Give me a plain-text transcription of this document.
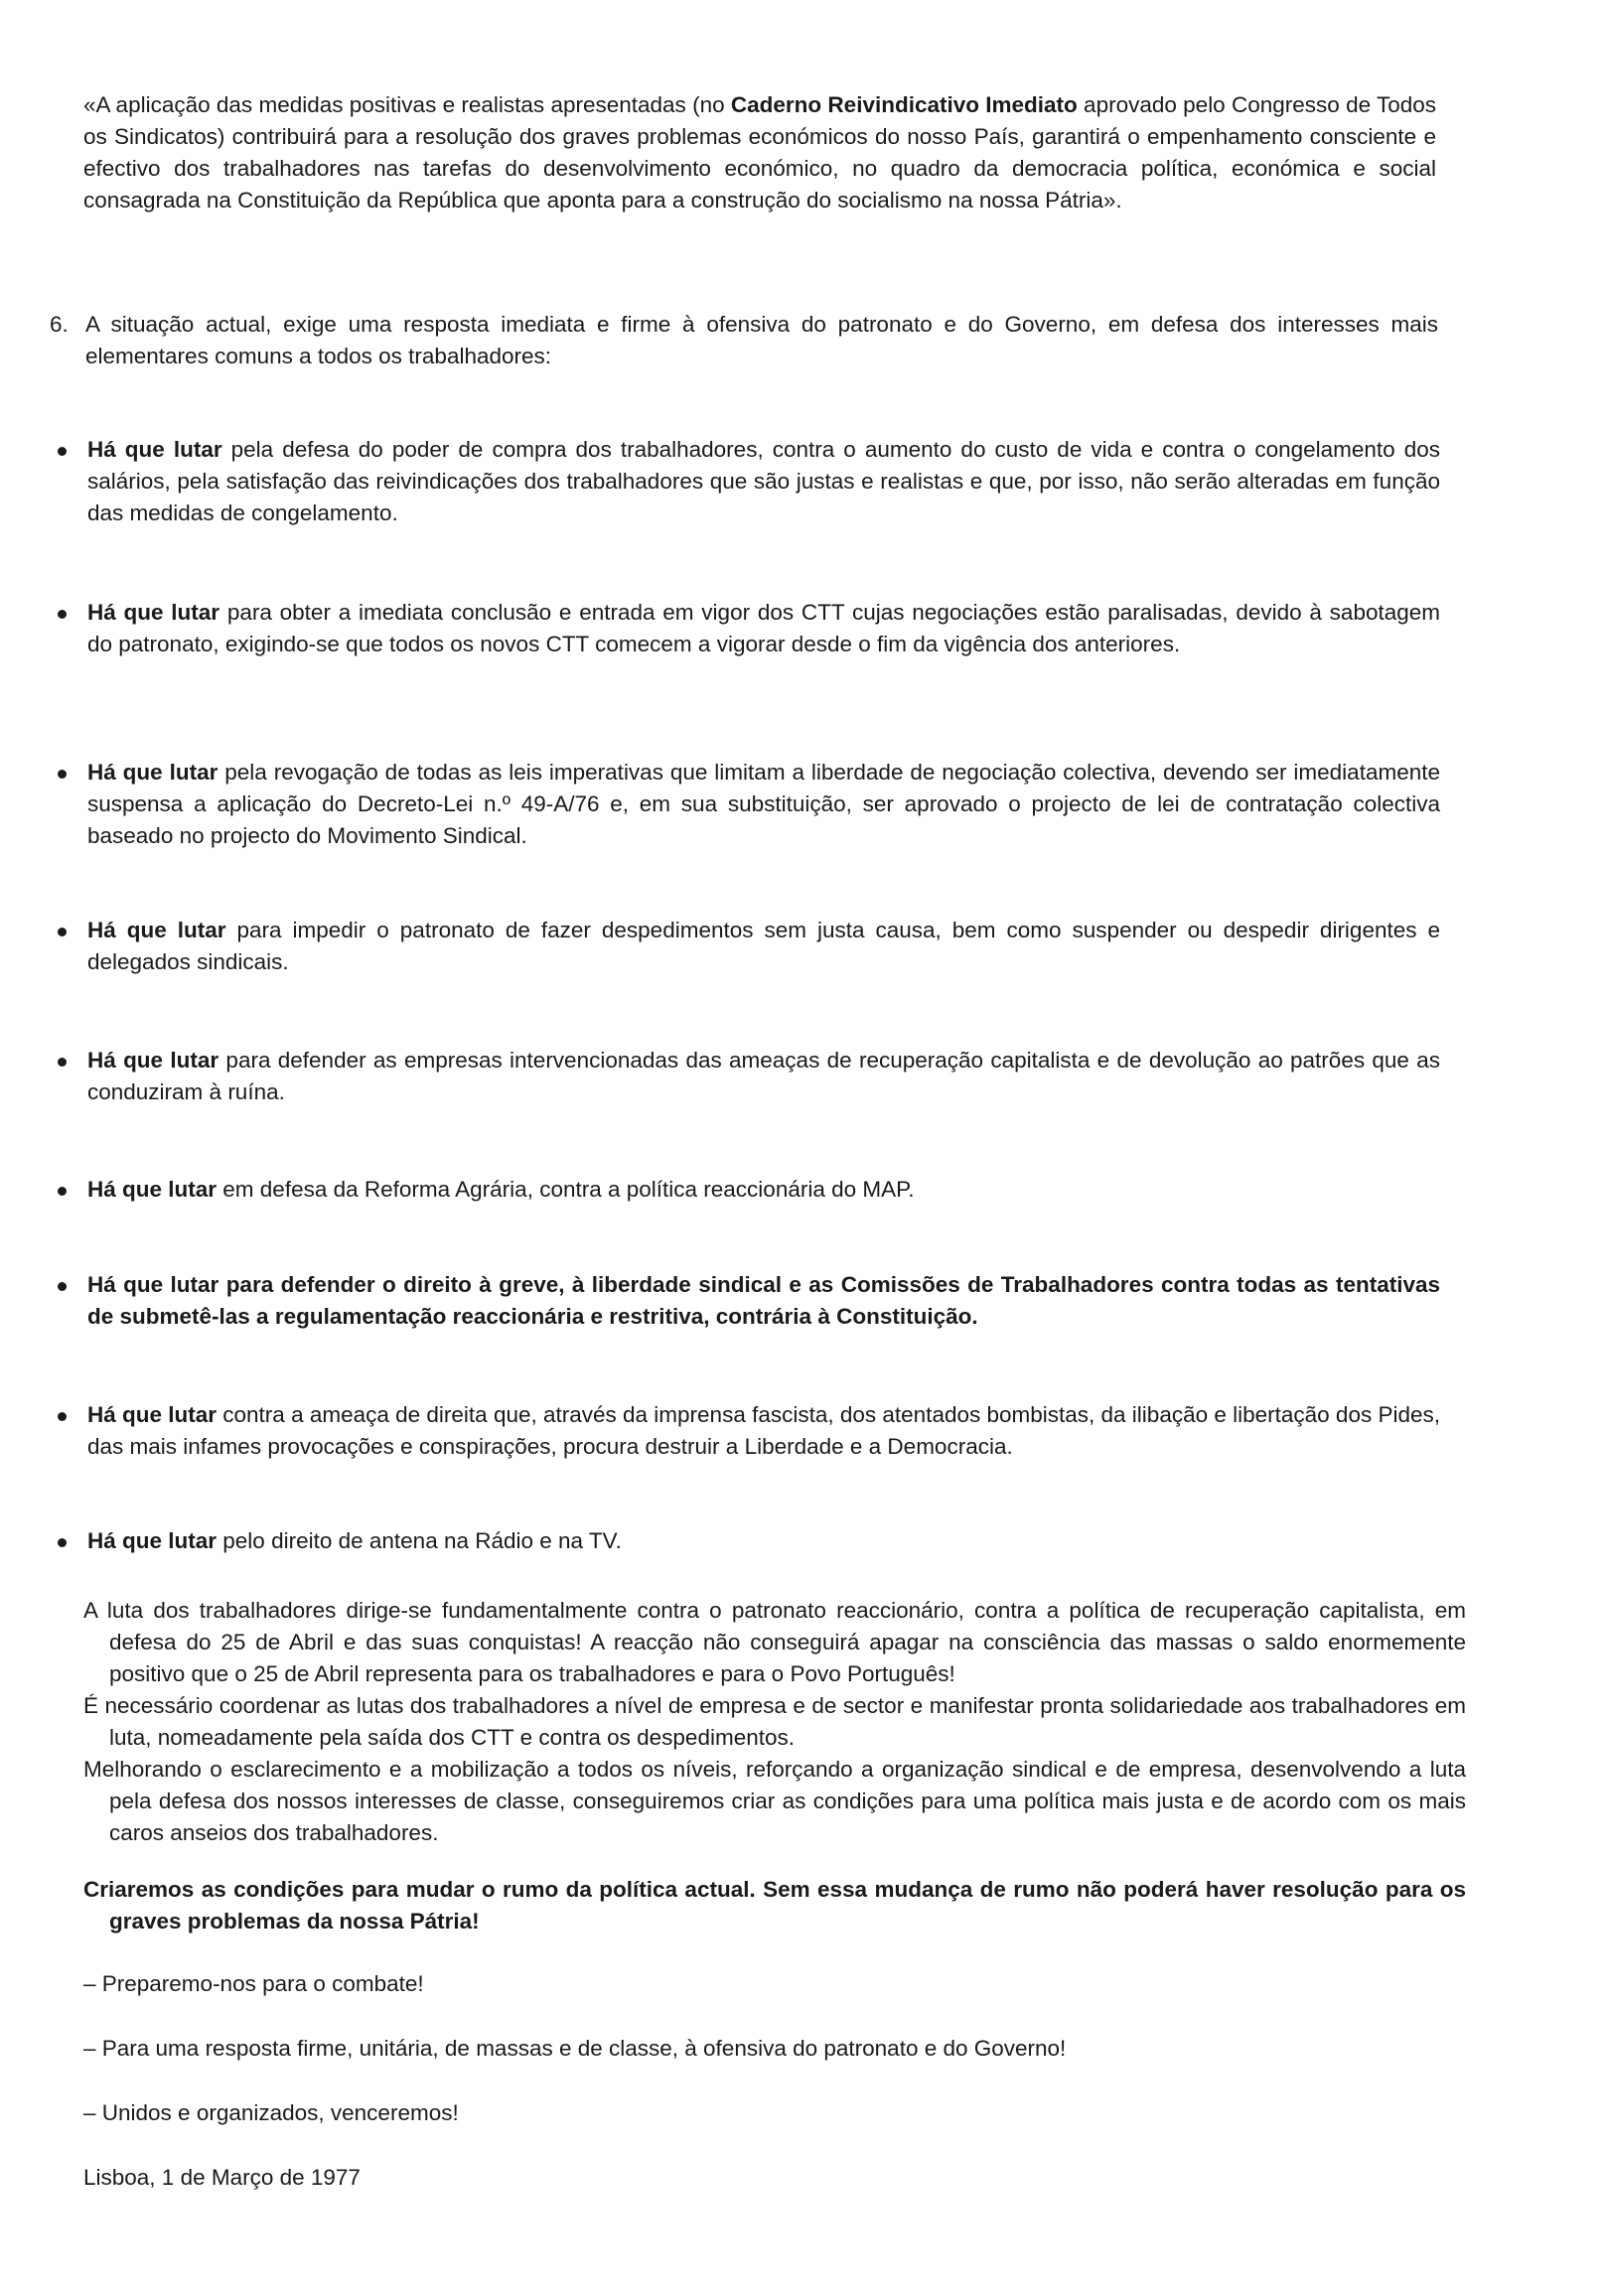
«A aplicação das medidas positivas e realistas apresentadas (no Caderno Reivindicativo Imediato aprovado pelo Congresso de Todos os Sindicatos) contribuirá para a resolução dos graves problemas económicos do nosso País, garantirá o empenhamento consciente e efectivo dos trabalhadores nas tarefas do desenvolvimento económico, no quadro da democracia política, económica e social consagrada na Constituição da República que aponta para a construção do socialismo na nossa Pátria».

6. A situação actual, exige uma resposta imediata e firme à ofensiva do patronato e do Governo, em defesa dos interesses mais elementares comuns a todos os trabalhadores:

Há que lutar pela defesa do poder de compra dos trabalhadores, contra o aumento do custo de vida e contra o congelamento dos salários, pela satisfação das reivindicações dos trabalhadores que são justas e realistas e que, por isso, não serão alteradas em função das medidas de congelamento.

Há que lutar para obter a imediata conclusão e entrada em vigor dos CTT cujas negociações estão paralisadas, devido à sabotagem do patronato, exigindo-se que todos os novos CTT comecem a vigorar desde o fim da vigência dos anteriores.

Há que lutar pela revogação de todas as leis imperativas que limitam a liberdade de negociação colectiva, devendo ser imediatamente suspensa a aplicação do Decreto-Lei n.º 49-A/76 e, em sua substituição, ser aprovado o projecto de lei de contratação colectiva baseado no projecto do Movimento Sindical.

Há que lutar para impedir o patronato de fazer despedimentos sem justa causa, bem como suspender ou despedir dirigentes e delegados sindicais.

Há que lutar para defender as empresas intervencionadas das ameaças de recuperação capitalista e de devolução ao patrões que as conduziram à ruína.

Há que lutar em defesa da Reforma Agrária, contra a política reaccionária do MAP.

Há que lutar para defender o direito à greve, à liberdade sindical e as Comissões de Trabalhadores contra todas as tentativas de submetê-las a regulamentação reaccionária e restritiva, contrária à Constituição.

Há que lutar contra a ameaça de direita que, através da imprensa fascista, dos atentados bombistas, da ilibação e libertação dos Pides, das mais infames provocações e conspirações, procura destruir a Liberdade e a Democracia.

Há que lutar pelo direito de antena na Rádio e na TV.

A luta dos trabalhadores dirige-se fundamentalmente contra o patronato reaccionário, contra a política de recuperação capitalista, em defesa do 25 de Abril e das suas conquistas! A reacção não conseguirá apagar na consciência das massas o saldo enormemente positivo que o 25 de Abril representa para os trabalhadores e para o Povo Português!

É necessário coordenar as lutas dos trabalhadores a nível de empresa e de sector e manifestar pronta solidariedade aos trabalhadores em luta, nomeadamente pela saída dos CTT e contra os despedimentos.

Melhorando o esclarecimento e a mobilização a todos os níveis, reforçando a organização sindical e de empresa, desenvolvendo a luta pela defesa dos nossos interesses de classe, conseguiremos criar as condições para uma política mais justa e de acordo com os mais caros anseios dos trabalhadores.

Criaremos as condições para mudar o rumo da política actual. Sem essa mudança de rumo não poderá haver resolução para os graves problemas da nossa Pátria!

– Preparemo-nos para o combate!

– Para uma resposta firme, unitária, de massas e de classe, à ofensiva do patronato e do Governo!

– Unidos e organizados, venceremos!

Lisboa, 1 de Março de 1977
